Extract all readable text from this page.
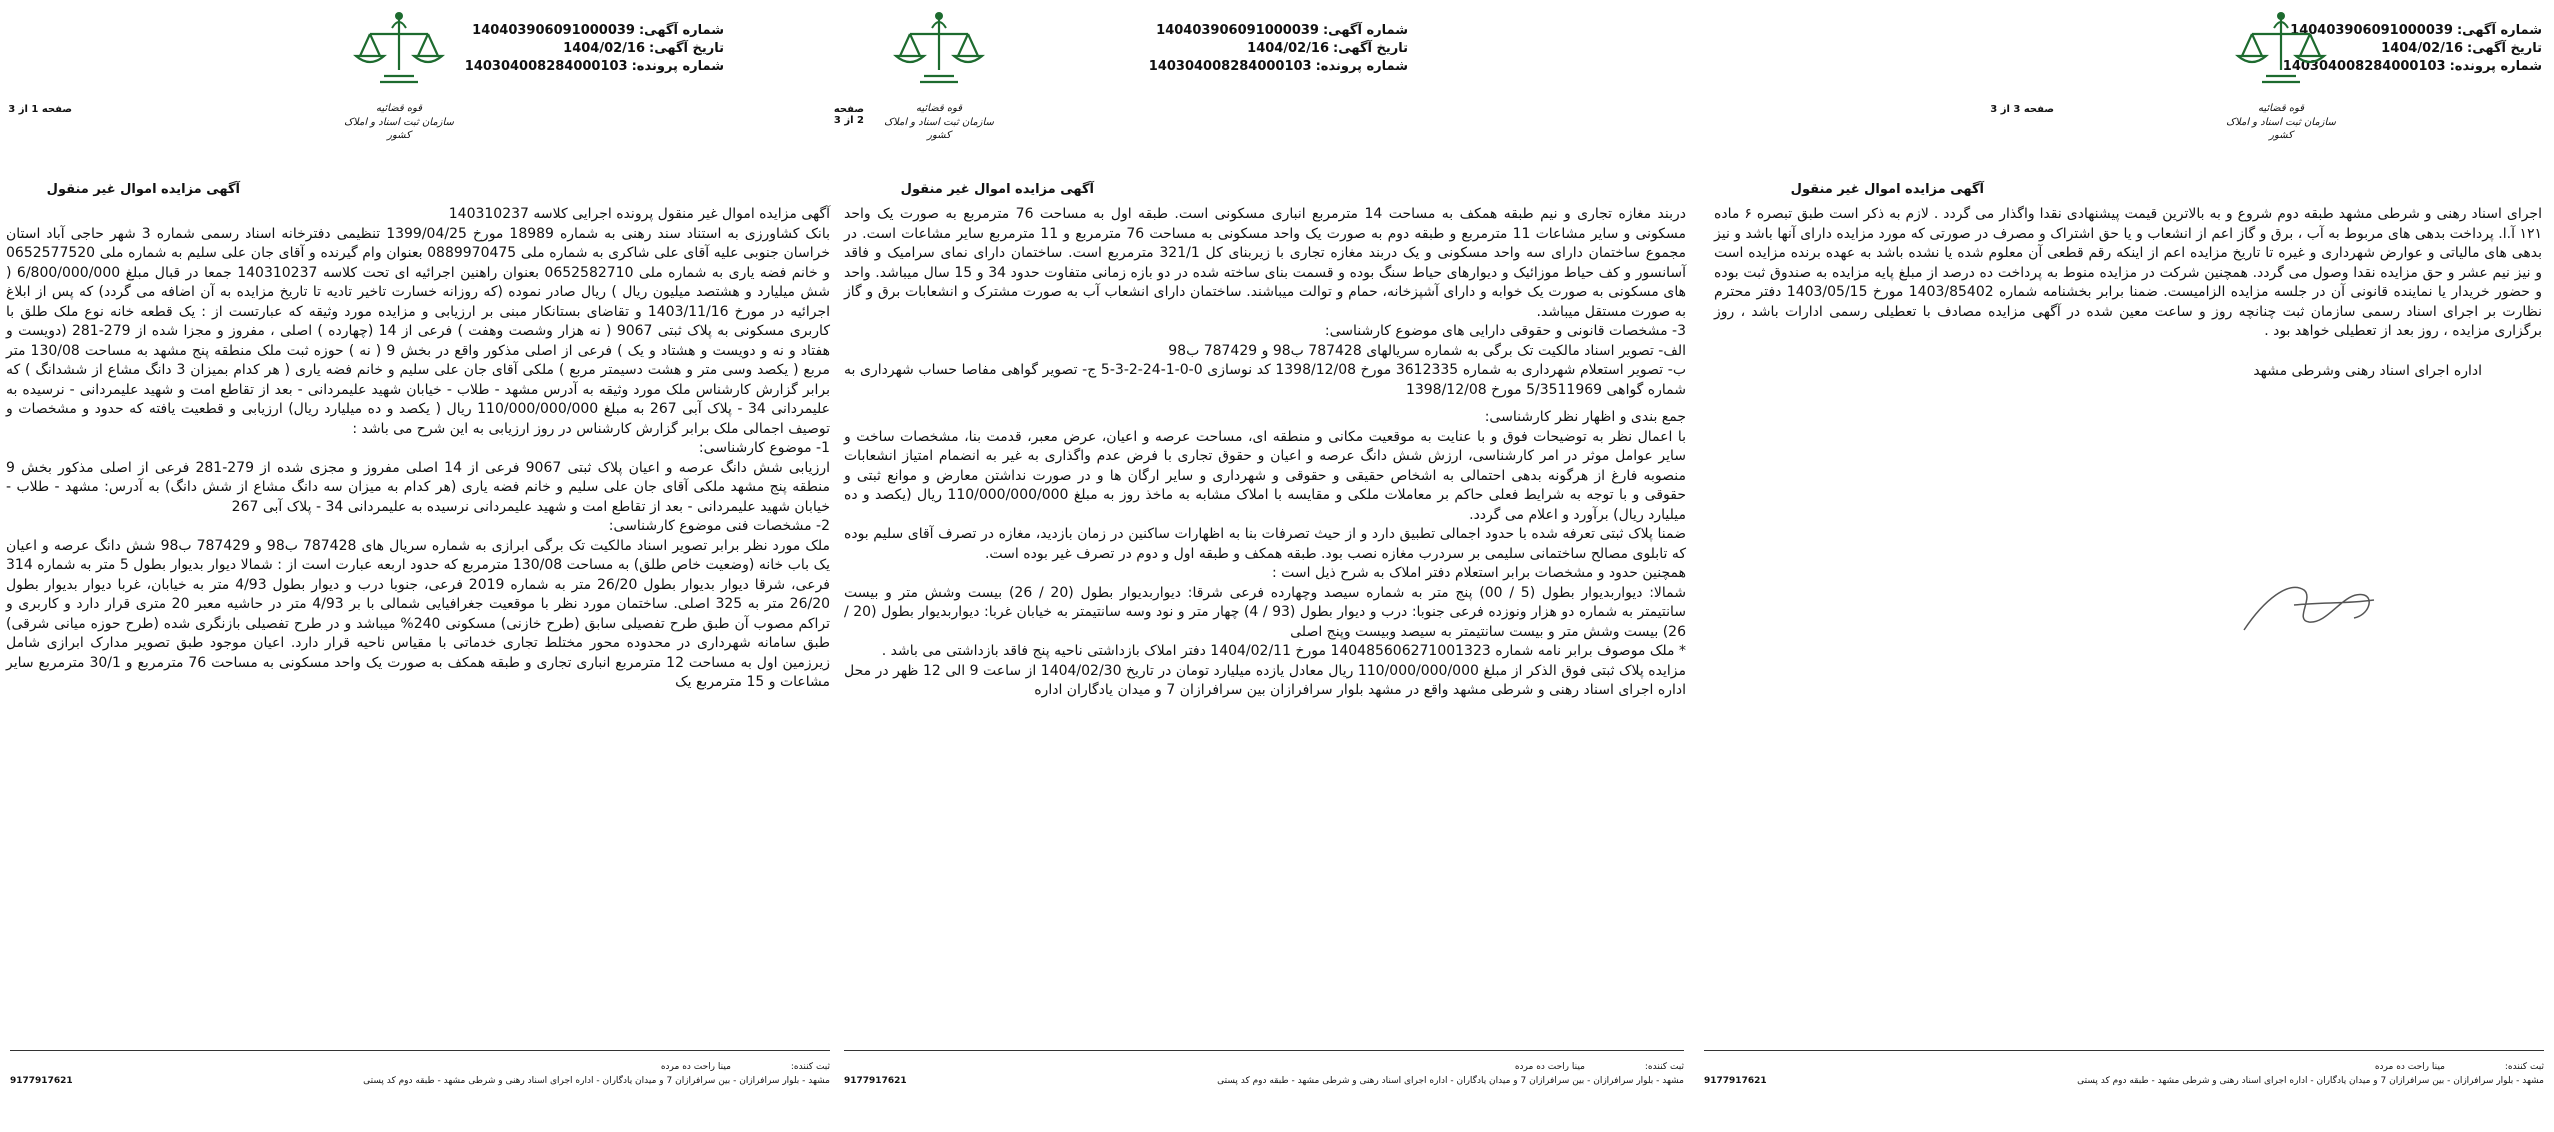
شماره آگهی:140403906091000039
تاریخ آگهی:1404/02/16
شماره پرونده:140304008284000103
قوه قضائیه
سازمان ثبت اسناد و املاک کشور
صفحه 3 از 3
آگهی مزایده اموال غیر منقول

اجرای اسناد رهنی و شرطی مشهد طبقه دوم شروع و به بالاترین قیمت پیشنهادی نقدا واگذار می گردد . لازم به ذکر است طبق تبصره ۶ ماده ۱۲۱ آ.ا. پرداخت بدهی های مربوط به آب ، برق و گاز اعم از انشعاب و یا حق اشتراک و مصرف در صورتی که مورد مزایده دارای آنها باشد و نیز بدهی های مالیاتی و عوارض شهرداری و غیره تا تاریخ مزایده اعم از اینکه رقم قطعی آن معلوم شده یا نشده باشد به عهده برنده مزایده است و نیز نیم عشر و حق مزایده نقدا وصول می گردد. همچنین شرکت در مزایده منوط به پرداخت ده درصد از مبلغ پایه مزایده به صندوق ثبت بوده و حضور خریدار یا نماینده قانونی آن در جلسه مزایده الزامیست. ضمنا برابر بخشنامه شماره 1403/85402 مورخ 1403/05/15 دفتر محترم نظارت بر اجرای اسناد رسمی سازمان ثبت چنانچه روز و ساعت معین شده در آگهی مزایده مصادف با تعطیلی رسمی ادارات باشد ، روز برگزاری مزایده ، روز بعد از تعطیلی خواهد بود .

اداره اجرای اسناد رهنی وشرطی مشهد

ثبت کننده:
مینا راحت ده مرده
مشهد - بلوار سرافرازان - بین سرافرازان 7 و میدان یادگاران - اداره اجرای اسناد رهنی و شرطی مشهد - طبقه دوم کد پستی
9177917621
شماره آگهی:140403906091000039
تاریخ آگهی:1404/02/16
شماره پرونده:140304008284000103
قوه قضائیه
سازمان ثبت اسناد و املاک کشور
صفحه 2 از 3
آگهی مزایده اموال غیر منقول

دربند مغازه تجاری و نیم طبقه همکف به مساحت 14 مترمربع انباری مسکونی است. طبقه اول به مساحت 76 مترمربع به صورت یک واحد مسکونی و سایر مشاعات 11 مترمربع و طبقه دوم به صورت یک واحد مسکونی به مساحت 76 مترمربع و 11 مترمربع سایر مشاعات است. در مجموع ساختمان دارای سه واحد مسکونی و یک دربند مغازه تجاری با زیربنای کل 321/1 مترمربع است. ساختمان دارای نمای سرامیک و فاقد آسانسور و کف حیاط موزائیک و دیوارهای حیاط سنگ بوده و قسمت بنای ساخته شده در دو بازه زمانی متفاوت حدود 34 و 15 سال میباشد. واحد های مسکونی به صورت یک خوابه و دارای آشپزخانه، حمام و توالت میباشند. ساختمان دارای انشعاب آب به صورت مشترک و انشعابات برق و گاز به صورت مستقل میباشد.

3- مشخصات قانونی و حقوقی دارایی های موضوع کارشناسی:

الف- تصویر اسناد مالکیت تک برگی به شماره سریالهای 787428 ب98 و 787429 ب98

ب- تصویر استعلام شهرداری به شماره 3612335 مورخ 1398/12/08 کد نوسازی 0-0-1-24-2-3-5 ج- تصویر گواهی مفاصا حساب شهرداری به شماره گواهی 5/3511969 مورخ 1398/12/08

جمع بندی و اظهار نظر کارشناسی:

با اعمال نظر به توضیحات فوق و با عنایت به موقعیت مکانی و منطقه ای، مساحت عرصه و اعیان، عرض معبر، قدمت بنا، مشخصات ساخت و سایر عوامل موثر در امر کارشناسی، ارزش شش دانگ عرصه و اعیان و حقوق تجاری با فرض عدم واگذاری به غیر به انضمام امتیاز انشعابات منصوبه فارغ از هرگونه بدهی احتمالی به اشخاص حقیقی و حقوقی و شهرداری و سایر ارگان ها و در صورت نداشتن معارض و موانع ثبتی و حقوقی و با توجه به شرایط فعلی حاکم بر معاملات ملکی و مقایسه با املاک مشابه به ماخذ روز به مبلغ 110/000/000/000 ریال (یکصد و ده میلیارد ریال) برآورد و اعلام می گردد.

ضمنا پلاک ثبتی تعرفه شده با حدود اجمالی تطبیق دارد و از حیث تصرفات بنا به اظهارات ساکنین در زمان بازدید، مغازه در تصرف آقای سلیم بوده که تابلوی مصالح ساختمانی سلیمی بر سردرب مغازه نصب بود. طبقه همکف و طبقه اول و دوم در تصرف غیر بوده است.

همچنین حدود و مشخصات برابر استعلام دفتر املاک به شرح ذیل است :

شمالا: دیواربدیوار بطول (5 / 00) پنج متر به شماره سیصد وچهارده فرعی شرقا: دیواربدیوار بطول (20 / 26) بیست وشش متر و بیست سانتیمتر به شماره دو هزار ونوزده فرعی جنوبا: درب و دیوار بطول (93 / 4) چهار متر و نود وسه سانتیمتر به خیابان غربا: دیواربدیوار بطول (20 / 26) بیست وشش متر و بیست سانتیمتر به سیصد وبیست وپنج اصلی

* ملک موصوف برابر نامه شماره 140485606271001323 مورخ 1404/02/11 دفتر املاک بازداشتی ناحیه پنج فاقد بازداشتی می باشد .

مزایده پلاک ثبتی فوق الذکر از مبلغ 110/000/000/000 ریال معادل یازده میلیارد تومان در تاریخ 1404/02/30 از ساعت 9 الی 12 ظهر در محل اداره اجرای اسناد رهنی و شرطی مشهد واقع در مشهد بلوار سرافرازان بین سرافرازان 7 و میدان یادگاران اداره

ثبت کننده:
مینا راحت ده مرده
مشهد - بلوار سرافرازان - بین سرافرازان 7 و میدان یادگاران - اداره اجرای اسناد رهنی و شرطی مشهد - طبقه دوم کد پستی
9177917621
شماره آگهی:140403906091000039
تاریخ آگهی:1404/02/16
شماره پرونده:140304008284000103
قوه قضائیه
سازمان ثبت اسناد و املاک کشور
صفحه 1 از 3
آگهی مزایده اموال غیر منقول

آگهی مزایده اموال غیر منقول پرونده اجرایی کلاسه 140310237

بانک کشاورزی به استناد سند رهنی به شماره 18989 مورخ 1399/04/25 تنظیمی دفترخانه اسناد رسمی شماره 3 شهر حاجی آباد استان خراسان جنوبی علیه آقای علی شاکری به شماره ملی 0889970475 بعنوان وام گیرنده و آقای جان علی سلیم به شماره ملی 0652577520 و خانم فضه یاری به شماره ملی 0652582710 بعنوان راهنین اجرائیه ای تحت کلاسه 140310237 جمعا در قبال مبلغ 6/800/000/000 ( شش میلیارد و هشتصد میلیون ریال ) ریال صادر نموده (که روزانه خسارت تاخیر تادیه تا تاریخ مزایده به آن اضافه می گردد) که پس از ابلاغ اجرائیه در مورخ 1403/11/16 و تقاضای بستانکار مبنی بر ارزیابی و مزایده مورد وثیقه که عبارتست از : یک قطعه خانه نوع ملک طلق با کاربری مسکونی به پلاک ثبتی 9067 ( نه هزار وشصت وهفت ) فرعی از 14 (چهارده ) اصلی ، مفروز و مجزا شده از 279-281 (دویست و هفتاد و نه و دویست و هشتاد و یک ) فرعی از اصلی مذکور واقع در بخش 9 ( نه ) حوزه ثبت ملک منطقه پنج مشهد به مساحت 130/08 متر مربع ( یکصد وسی متر و هشت دسیمتر مربع ) ملکی آقای جان علی سلیم و خانم فضه یاری ( هر کدام بمیزان 3 دانگ مشاع از ششدانگ ) که برابر گزارش کارشناس ملک مورد وثیقه به آدرس مشهد - طلاب - خیابان شهید علیمردانی - بعد از تقاطع امت و شهید علیمردانی - نرسیده به علیمردانی 34 - پلاک آبی 267 به مبلغ 110/000/000/000 ریال ( یکصد و ده میلیارد ریال) ارزیابی و قطعیت یافته که حدود و مشخصات و توصیف اجمالی ملک برابر گزارش کارشناس در روز ارزیابی به این شرح می باشد :

1- موضوع کارشناسی:

ارزیابی شش دانگ عرصه و اعیان پلاک ثبتی 9067 فرعی از 14 اصلی مفروز و مجزی شده از 279-281 فرعی از اصلی مذکور بخش 9 منطقه پنج مشهد ملکی آقای جان علی سلیم و خانم فضه یاری (هر کدام به میزان سه دانگ مشاع از شش دانگ) به آدرس: مشهد - طلاب - خیابان شهید علیمردانی - بعد از تقاطع امت و شهید علیمردانی نرسیده به علیمردانی 34 - پلاک آبی 267

2- مشخصات فنی موضوع کارشناسی:

ملک مورد نظر برابر تصویر اسناد مالکیت تک برگی ابرازی به شماره سریال های 787428 ب98 و 787429 ب98 شش دانگ عرصه و اعیان یک باب خانه (وضعیت خاص طلق) به مساحت 130/08 مترمربع که حدود اربعه عبارت است از : شمالا دیوار بدیوار بطول 5 متر به شماره 314 فرعی، شرقا دیوار بدیوار بطول 26/20 متر به شماره 2019 فرعی، جنوبا درب و دیوار بطول 4/93 متر به خیابان، غربا دیوار بدیوار بطول 26/20 متر به 325 اصلی. ساختمان مورد نظر با موقعیت جغرافیایی شمالی با بر 4/93 متر در حاشیه معبر 20 متری قرار دارد و کاربری و تراکم مصوب آن طبق طرح تفصیلی سابق (طرح خازنی) مسکونی 240% میباشد و در طرح تفصیلی بازنگری شده (طرح حوزه میانی شرقی) طبق سامانه شهرداری در محدوده محور مختلط تجاری خدماتی با مقیاس ناحیه قرار دارد. اعیان موجود طبق تصویر مدارک ابرازی شامل زیرزمین اول به مساحت 12 مترمربع انباری تجاری و طبقه همکف به صورت یک واحد مسکونی به مساحت 76 مترمربع و 30/1 مترمربع سایر مشاعات و 15 مترمربع یک

ثبت کننده:
مینا راحت ده مرده
مشهد - بلوار سرافرازان - بین سرافرازان 7 و میدان یادگاران - اداره اجرای اسناد رهنی و شرطی مشهد - طبقه دوم کد پستی
9177917621
